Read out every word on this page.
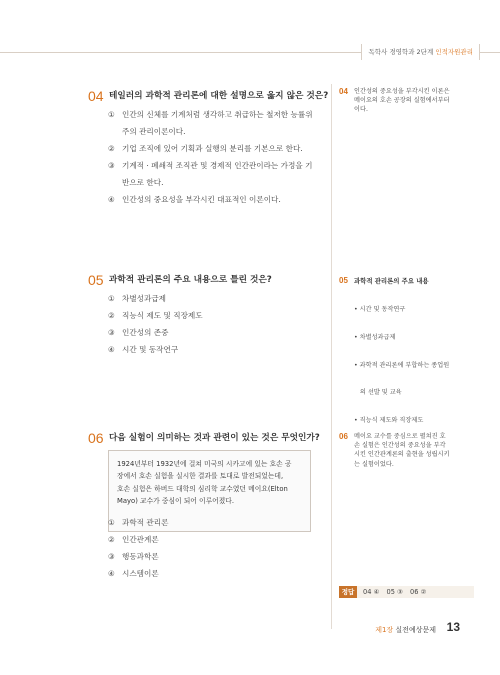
독학사 경영학과 2단계 인적자원관리
04 테일러의 과학적 관리론에 대한 설명으로 옳지 않은 것은?
① 인간의 신체를 기계처럼 생각하고 취급하는 철저한 능률위
주의 관리이론이다.
② 기업 조직에 있어 기획과 실행의 분리를 기본으로 한다.
③ 기계적 · 폐쇄적 조직관 및 경제적 인간관이라는 가정을 기
반으로 한다.
④ 인간성의 중요성을 부각시킨 대표적인 이론이다.
04 인간성의 중요성을 부각시킨 이론은
메이요의 호손 공장의 실험에서부터
이다.
05 과학적 관리론의 주요 내용으로 틀린 것은?
① 차별성과급제
② 직능식 제도 및 직장제도
③ 인간성의 존중
④ 시간 및 동작연구
05 과학적 관리론의 주요 내용

• 시간 및 동작연구

• 차별성과급제

• 과학적 관리론에 부합하는 종업원

의 선발 및 교육

• 직능식 제도와 직장제도

06 다음 실험이 의미하는 것과 관련이 있는 것은 무엇인가?
1924년부터 1932년에 걸쳐 미국의 시카고에 있는 호손 공
장에서 호손 실험을 실시한 결과를 토대로 발전되었는데,
호손 실험은 하버드 대학의 심리학 교수였던 메이요(Elton
Mayo) 교수가 중심이 되어 이루어졌다.
① 과학적 관리론
② 인간관계론
③ 행동과학론
④ 시스템이론
06 메이요 교수를 중심으로 펼쳐진 호
손 실험은 인간성의 중요성을 부각
시킨 인간관계론의 출현을 성립시키
는 실험이었다.
정답	04 ④ 05 ③ 06 ②
제1장 실전예상문제 13
